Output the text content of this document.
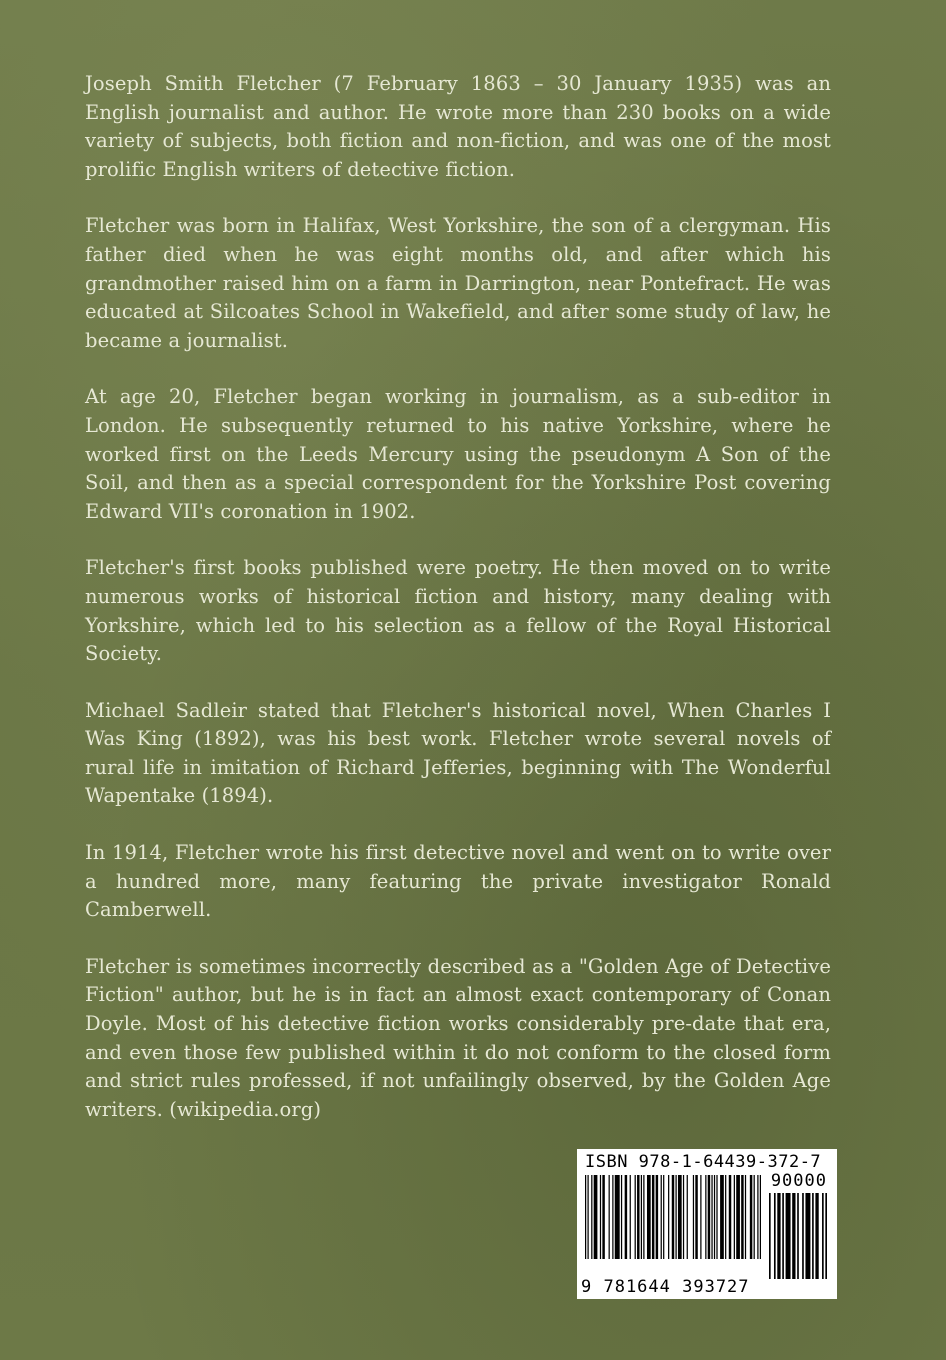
Joseph Smith Fletcher (7 February 1863 – 30 January 1935) was an English journalist and author. He wrote more than 230 books on a wide variety of subjects, both fiction and non-fiction, and was one of the most prolific English writers of detective fiction.

Fletcher was born in Halifax, West Yorkshire, the son of a clergyman. His father died when he was eight months old, and after which his grandmother raised him on a farm in Darrington, near Pontefract. He was educated at Silcoates School in Wakefield, and after some study of law, he became a journalist.

At age 20, Fletcher began working in journalism, as a sub-editor in London. He subsequently returned to his native Yorkshire, where he worked first on the Leeds Mercury using the pseudonym A Son of the Soil, and then as a special correspondent for the Yorkshire Post covering Edward VII's coronation in 1902.

Fletcher's first books published were poetry. He then moved on to write numerous works of historical fiction and history, many dealing with Yorkshire, which led to his selection as a fellow of the Royal Historical Society.

Michael Sadleir stated that Fletcher's historical novel, When Charles I Was King (1892), was his best work. Fletcher wrote several novels of rural life in imitation of Richard Jefferies, beginning with The Wonderful Wapentake (1894).

In 1914, Fletcher wrote his first detective novel and went on to write over a hundred more, many featuring the private investigator Ronald Camberwell.

Fletcher is sometimes incorrectly described as a "Golden Age of Detective Fiction" author, but he is in fact an almost exact contemporary of Conan Doyle. Most of his detective fiction works considerably pre-date that era, and even those few published within it do not conform to the closed form and strict rules professed, if not unfailingly observed, by the Golden Age writers. (wikipedia.org)

ISBN 978-1-64439-372-7
90000
9 781644 393727
